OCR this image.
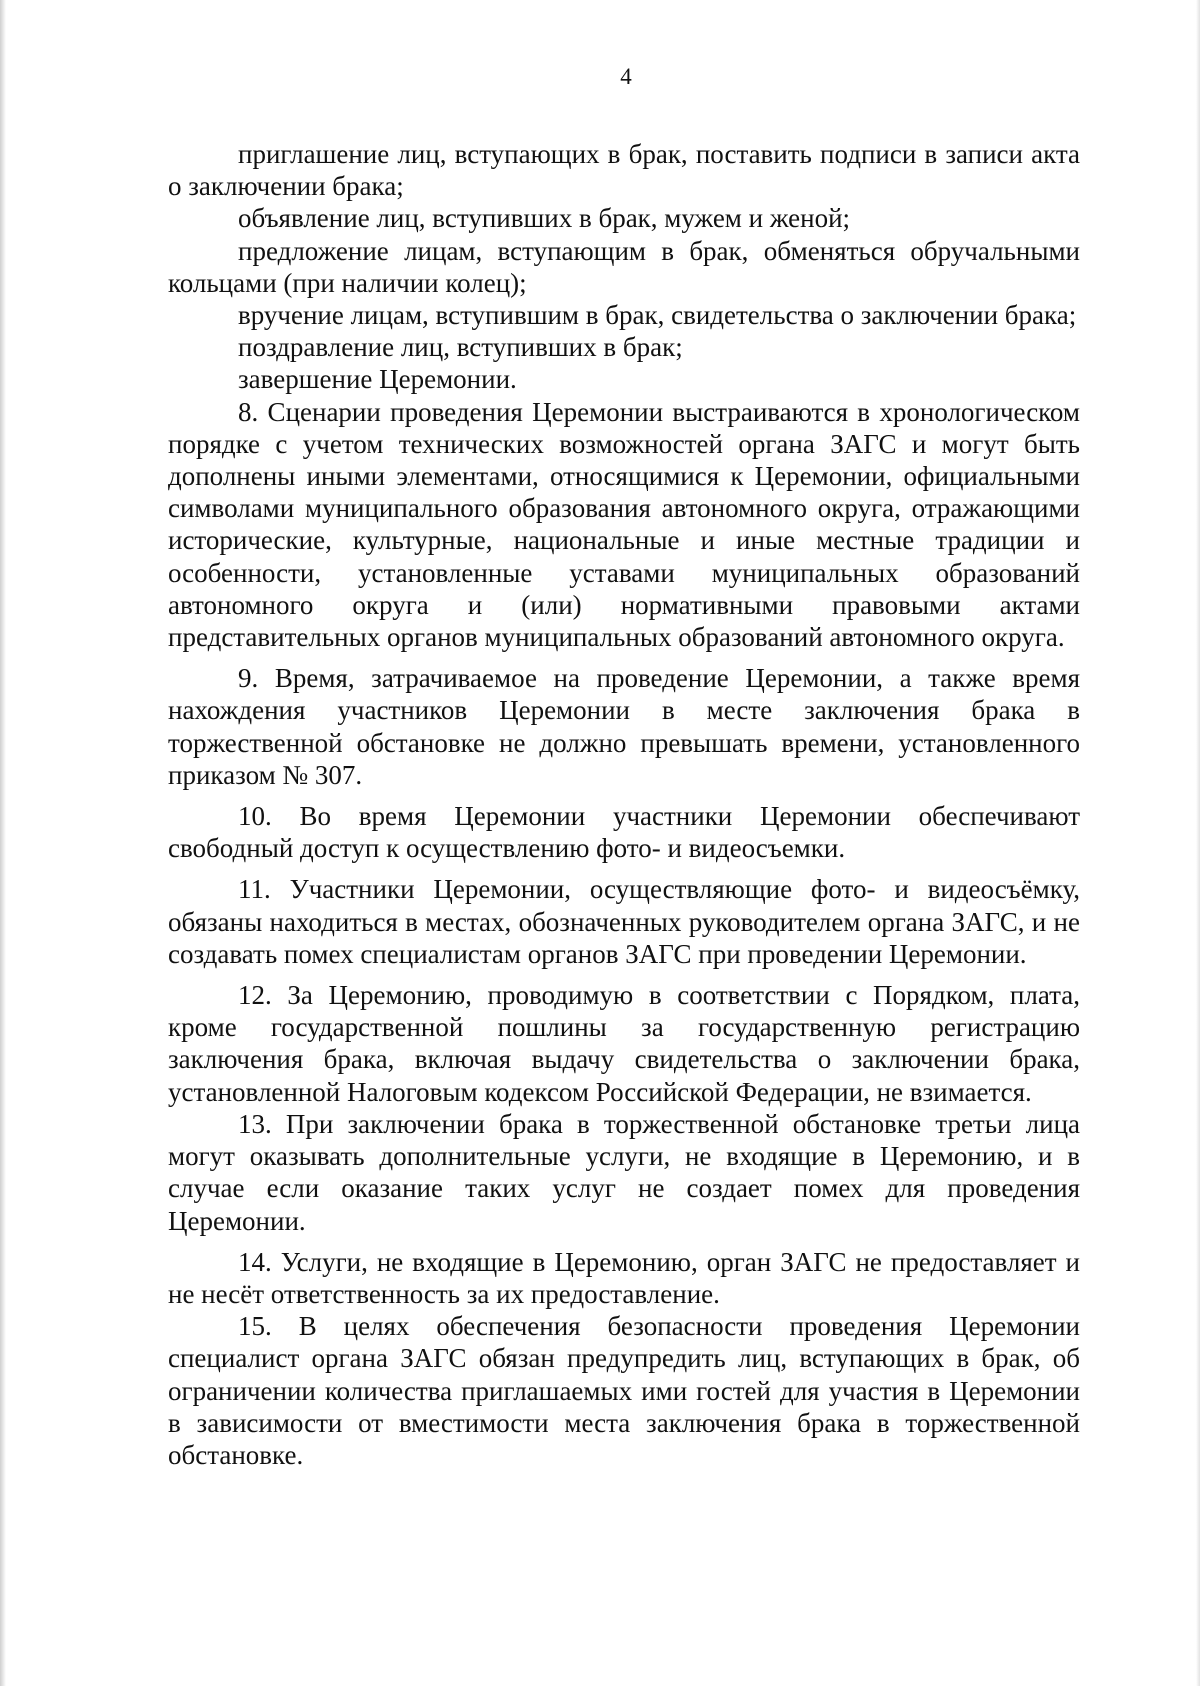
4

приглашение лиц, вступающих в брак, поставить подписи в записи акта о заключении брака;

объявление лиц, вступивших в брак, мужем и женой;

предложение лицам, вступающим в брак, обменяться обручальными кольцами (при наличии колец);

вручение лицам, вступившим в брак, свидетельства о заключении брака;

поздравление лиц, вступивших в брак;

завершение Церемонии.

8. Сценарии проведения Церемонии выстраиваются в хронологическом порядке с учетом технических возможностей органа ЗАГС и могут быть дополнены иными элементами, относящимися к Церемонии, официальными символами муниципального образования автономного округа, отражающими исторические, культурные, национальные и иные местные традиции и особенности, установленные уставами муниципальных образований автономного округа и (или) нормативными правовыми актами представительных органов муниципальных образований автономного округа.

9. Время, затрачиваемое на проведение Церемонии, а также время нахождения участников Церемонии в месте заключения брака в торжественной обстановке не должно превышать времени, установленного приказом № 307.

10. Во время Церемонии участники Церемонии обеспечивают свободный доступ к осуществлению фото- и видеосъемки.

11. Участники Церемонии, осуществляющие фото- и видеосъёмку, обязаны находиться в местах, обозначенных руководителем органа ЗАГС, и не создавать помех специалистам органов ЗАГС при проведении Церемонии.

12. За Церемонию, проводимую в соответствии с Порядком, плата, кроме государственной пошлины за государственную регистрацию заключения брака, включая выдачу свидетельства о заключении брака, установленной Налоговым кодексом Российской Федерации, не взимается.

13. При заключении брака в торжественной обстановке третьи лица могут оказывать дополнительные услуги, не входящие в Церемонию, и в случае если оказание таких услуг не создает помех для проведения Церемонии.

14. Услуги, не входящие в Церемонию, орган ЗАГС не предоставляет и не несёт ответственность за их предоставление.

15. В целях обеспечения безопасности проведения Церемонии специалист органа ЗАГС обязан предупредить лиц, вступающих в брак, об ограничении количества приглашаемых ими гостей для участия в Церемонии в зависимости от вместимости места заключения брака в торжественной обстановке.
